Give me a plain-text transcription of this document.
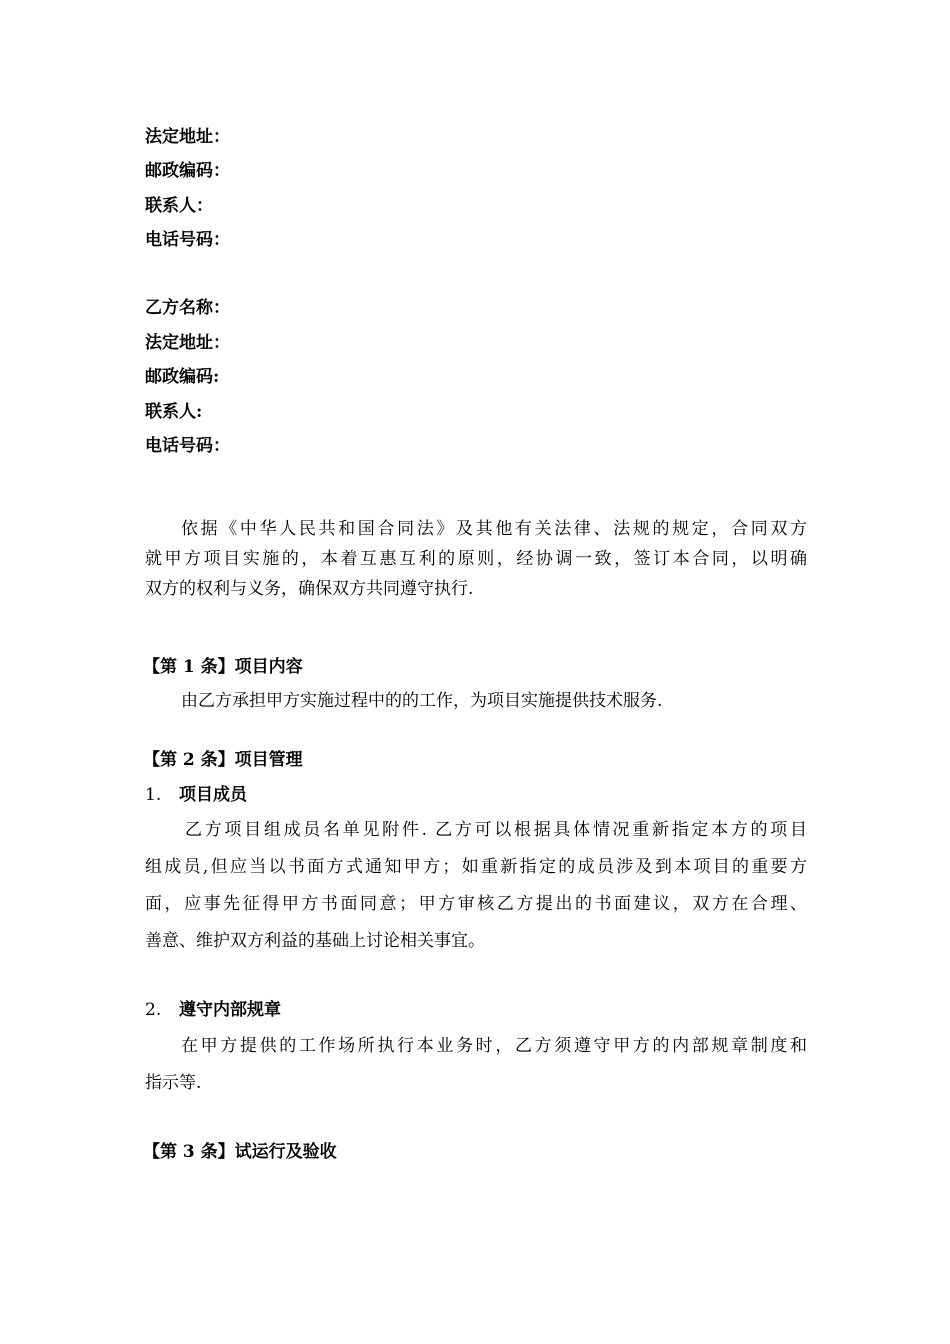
法定地址：
邮政编码：
联系人：
电话号码：
乙方名称：
法定地址：
邮政编码:
联系人:
电话号码：
依据《中华人民共和国合同法》及其他有关法律、法规的规定，合同双方
就甲方项目实施的，本着互惠互利的原则，经协调一致，签订本合同，以明确
双方的权利与义务，确保双方共同遵守执行.
【第 1 条】项目内容
由乙方承担甲方实施过程中的的工作，为项目实施提供技术服务.
【第 2 条】项目管理
1. 项目成员
乙方项目组成员名单见附件. 乙方可以根据具体情况重新指定本方的项目
组成员,但应当以书面方式通知甲方；如重新指定的成员涉及到本项目的重要方
面，应事先征得甲方书面同意；甲方审核乙方提出的书面建议，双方在合理、
善意、维护双方利益的基础上讨论相关事宜。
2. 遵守内部规章
在甲方提供的工作场所执行本业务时，乙方须遵守甲方的内部规章制度和
指示等.
【第 3 条】试运行及验收
